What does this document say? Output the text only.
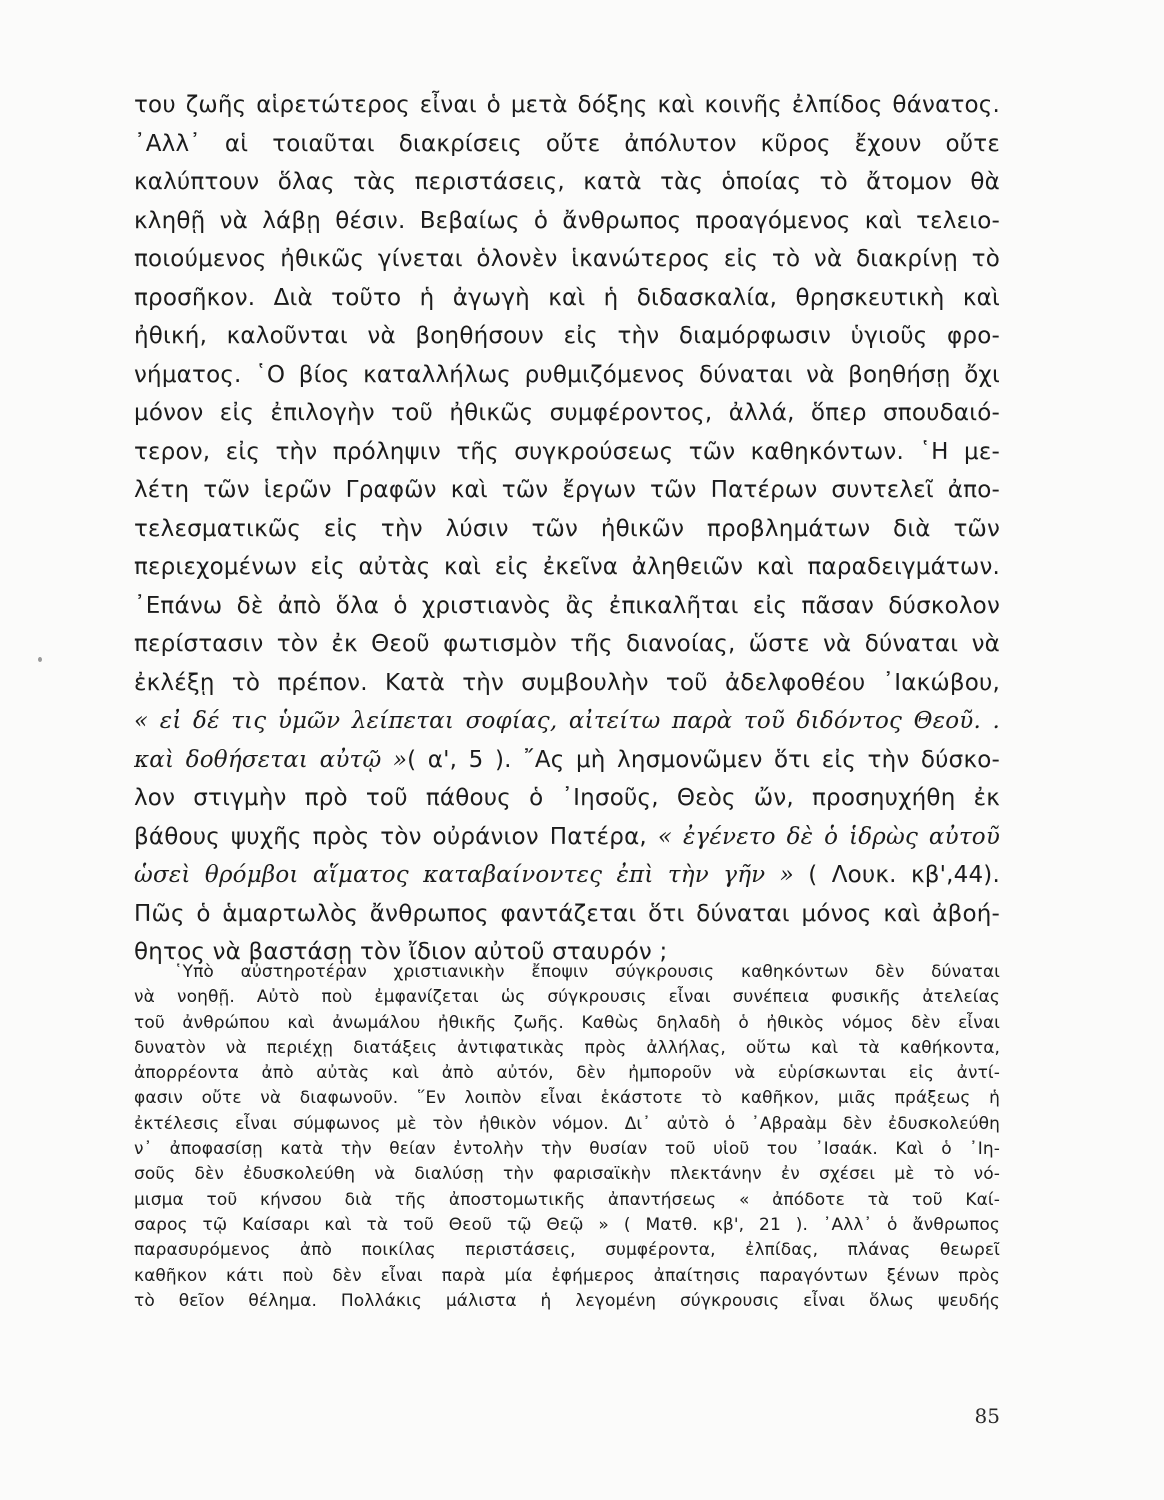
του ζωῆς αἱρετώτερος εἶναι ὁ μετὰ δόξης καὶ κοινῆς ἐλπίδος θάνατος.
᾿Αλλ᾿ αἱ τοιαῦται διακρίσεις οὔτε ἀπόλυτον κῦρος ἔχουν οὔτε
καλύπτουν ὅλας τὰς περιστάσεις, κατὰ τὰς ὁποίας τὸ ἄτομον θὰ
κληθῇ νὰ λάβῃ θέσιν. Βεβαίως ὁ ἄνθρωπος προαγόμενος καὶ τελειο-
ποιούμενος ἠθικῶς γίνεται ὁλονὲν ἱκανώτερος εἰς τὸ νὰ διακρίνῃ τὸ
προσῆκον. Διὰ τοῦτο ἡ ἀγωγὴ καὶ ἡ διδασκαλία, θρησκευτικὴ καὶ
ἠθική, καλοῦνται νὰ βοηθήσουν εἰς τὴν διαμόρφωσιν ὑγιοῦς φρο-
νήματος. ῾Ο βίος καταλλήλως ρυθμιζόμενος δύναται νὰ βοηθήσῃ ὄχι
μόνον εἰς ἐπιλογὴν τοῦ ἠθικῶς συμφέροντος, ἀλλά, ὅπερ σπουδαιό-
τερον, εἰς τὴν πρόληψιν τῆς συγκρούσεως τῶν καθηκόντων. ῾Η με-
λέτη τῶν ἱερῶν Γραφῶν καὶ τῶν ἔργων τῶν Πατέρων συντελεῖ ἀπο-
τελεσματικῶς εἰς τὴν λύσιν τῶν ἠθικῶν προβλημάτων διὰ τῶν
περιεχομένων εἰς αὐτὰς καὶ εἰς ἐκεῖνα ἀληθειῶν καὶ παραδειγμάτων.
᾿Επάνω δὲ ἀπὸ ὅλα ὁ χριστιανὸς ἂς ἐπικαλῆται εἰς πᾶσαν δύσκολον
περίστασιν τὸν ἐκ Θεοῦ φωτισμὸν τῆς διανοίας, ὥστε νὰ δύναται νὰ
ἐκλέξῃ τὸ πρέπον. Κατὰ τὴν συμβουλὴν τοῦ ἀδελφοθέου ᾿Ιακώβου,
« εἰ δέ τις ὑμῶν λείπεται σοφίας, αἰτείτω παρὰ τοῦ διδόντος Θεοῦ. .
καὶ δοθήσεται αὐτῷ »( α', 5 ). ῎Ας μὴ λησμονῶμεν ὅτι εἰς τὴν δύσκο-
λον στιγμὴν πρὸ τοῦ πάθους ὁ ᾿Ιησοῦς, Θεὸς ὤν, προσηυχήθη ἐκ
βάθους ψυχῆς πρὸς τὸν οὐράνιον Πατέρα, « ἐγένετο δὲ ὁ ἱδρὼς αὐτοῦ
ὡσεὶ θρόμβοι αἵματος καταβαίνοντες ἐπὶ τὴν γῆν » ( Λουκ. κβ',44).
Πῶς ὁ ἁμαρτωλὸς ἄνθρωπος φαντάζεται ὅτι δύναται μόνος καὶ ἀβοή-
θητος νὰ βαστάσῃ τὸν ἴδιον αὐτοῦ σταυρόν ;
῾Υπὸ αὐστηροτέραν χριστιανικὴν ἔποψιν σύγκρουσις καθηκόντων δὲν δύναται
νὰ νοηθῇ. Αὐτὸ ποὺ ἐμφανίζεται ὡς σύγκρουσις εἶναι συνέπεια φυσικῆς ἀτελείας
τοῦ ἀνθρώπου καὶ ἀνωμάλου ἠθικῆς ζωῆς. Καθὼς δηλαδὴ ὁ ἠθικὸς νόμος δὲν εἶναι
δυνατὸν νὰ περιέχῃ διατάξεις ἀντιφατικὰς πρὸς ἀλλήλας, οὕτω καὶ τὰ καθήκοντα,
ἀπορρέοντα ἀπὸ αὐτὰς καὶ ἀπὸ αὐτόν, δὲν ἠμποροῦν νὰ εὑρίσκωνται εἰς ἀντί-
φασιν οὔτε νὰ διαφωνοῦν. ῞Εν λοιπὸν εἶναι ἑκάστοτε τὸ καθῆκον, μιᾶς πράξεως ἡ
ἐκτέλεσις εἶναι σύμφωνος μὲ τὸν ἠθικὸν νόμον. Δι᾿ αὐτὸ ὁ ᾿Αβραὰμ δὲν ἐδυσκολεύθη
ν᾿ ἀποφασίσῃ κατὰ τὴν θείαν ἐντολὴν τὴν θυσίαν τοῦ υἱοῦ του ᾿Ισαάκ. Καὶ ὁ ᾿Ιη-
σοῦς δὲν ἐδυσκολεύθη νὰ διαλύσῃ τὴν φαρισαϊκὴν πλεκτάνην ἐν σχέσει μὲ τὸ νό-
μισμα τοῦ κήνσου διὰ τῆς ἀποστομωτικῆς ἀπαντήσεως « ἀπόδοτε τὰ τοῦ Καί-
σαρος τῷ Καίσαρι καὶ τὰ τοῦ Θεοῦ τῷ Θεῷ » ( Ματθ. κβ', 21 ). ᾿Αλλ᾿ ὁ ἄνθρωπος
παρασυρόμενος ἀπὸ ποικίλας περιστάσεις, συμφέροντα, ἐλπίδας, πλάνας θεωρεῖ
καθῆκον κάτι ποὺ δὲν εἶναι παρὰ μία ἐφήμερος ἀπαίτησις παραγόντων ξένων πρὸς
τὸ θεῖον θέλημα. Πολλάκις μάλιστα ἡ λεγομένη σύγκρουσις εἶναι ὅλως ψευδής
85
